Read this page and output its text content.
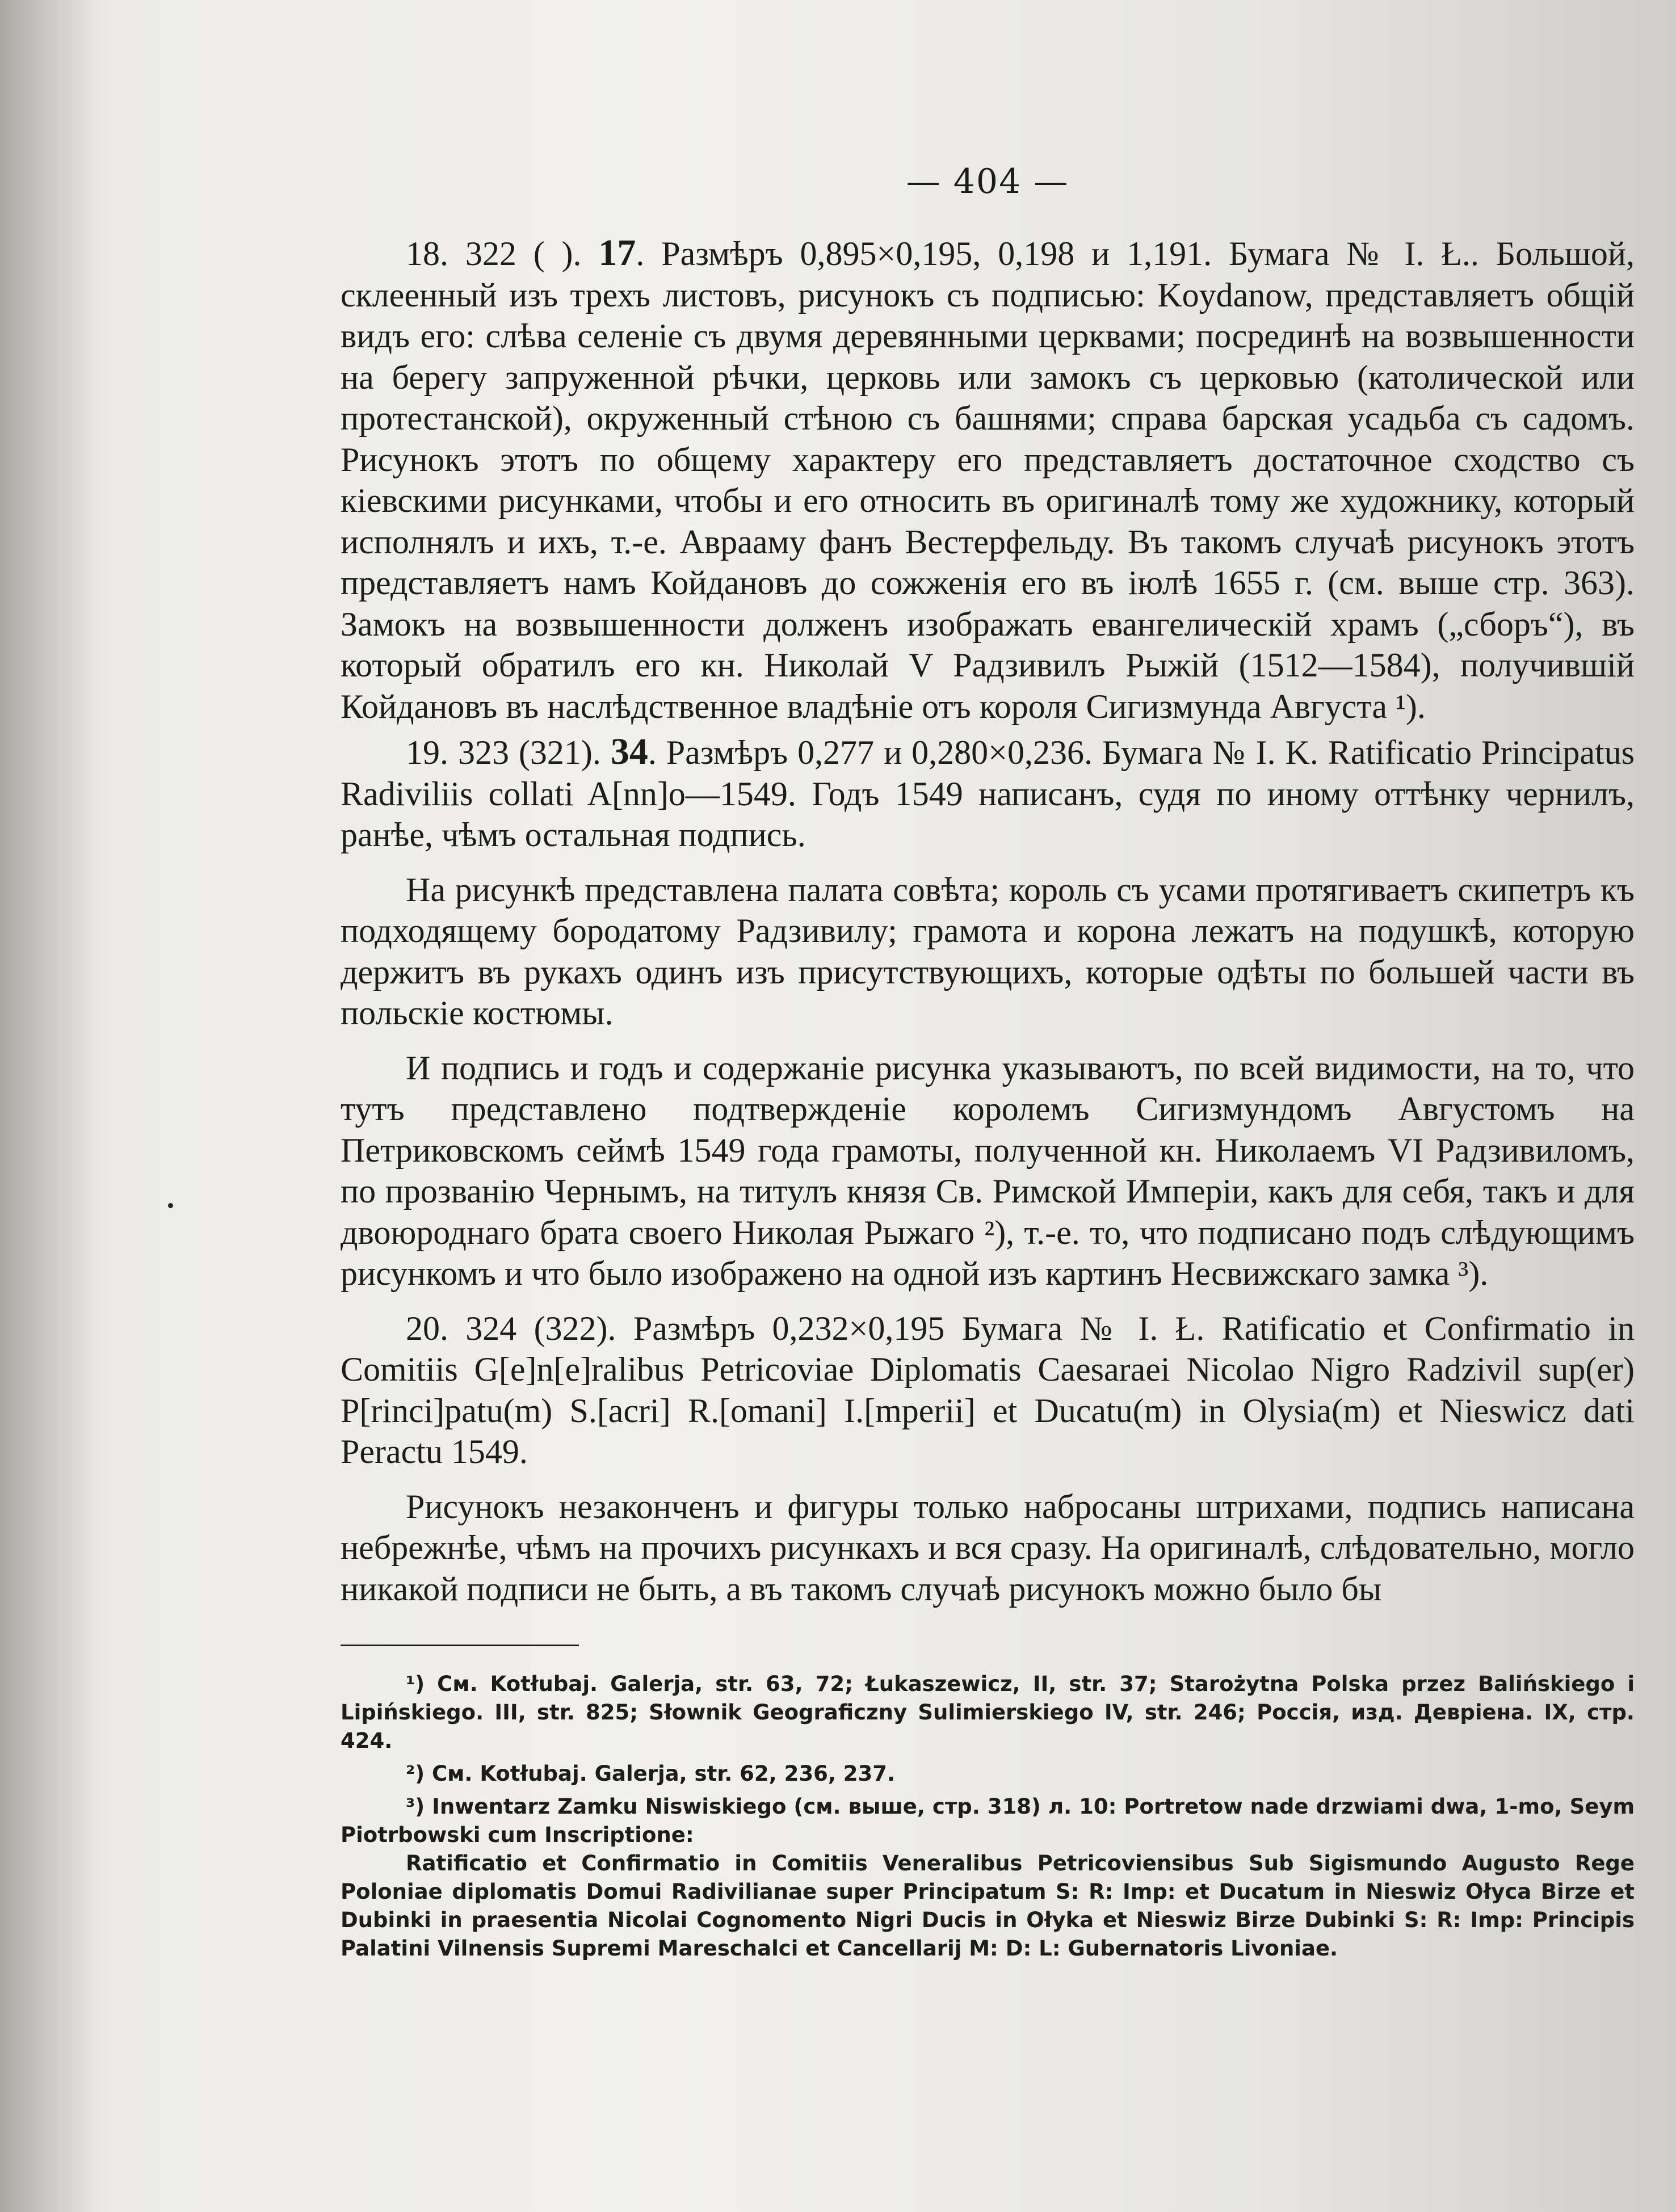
— 404 —

18. 322 ( ). 17. Размѣръ 0,895×0,195, 0,198 и 1,191. Бумага № I. Ł.. Большой, склеенный изъ трехъ листовъ, рисунокъ съ подписью: Koydanow, представляетъ общій видъ его: слѣва селеніе съ двумя деревянными церквами; посрединѣ на возвышенности на берегу запруженной рѣчки, церковь или замокъ съ церковью (католической или протестанской), окруженный стѣною съ башнями; справа барская усадьба съ садомъ. Рисунокъ этотъ по общему характеру его представляетъ достаточное сходство съ кіевскими рисунками, чтобы и его относить въ оригиналѣ тому же художнику, который исполнялъ и ихъ, т.-е. Аврааму фанъ Вестерфельду. Въ такомъ случаѣ рисунокъ этотъ представляетъ намъ Койдановъ до сожженія его въ іюлѣ 1655 г. (см. выше стр. 363). Замокъ на возвышенности долженъ изображать евангелическій храмъ („сборъ“), въ который обратилъ его кн. Николай V Радзивилъ Рыжій (1512—1584), получившій Койдановъ въ наслѣдственное владѣніе отъ короля Сигизмунда Августа ¹).

19. 323 (321). 34. Размѣръ 0,277 и 0,280×0,236. Бумага № I. K. Ratificatio Principatus Radiviliis collati A[nn]o—1549. Годъ 1549 написанъ, судя по иному оттѣнку чернилъ, ранѣе, чѣмъ остальная подпись.

На рисункѣ представлена палата совѣта; король съ усами протягиваетъ скипетръ къ подходящему бородатому Радзивилу; грамота и корона лежатъ на подушкѣ, которую держитъ въ рукахъ одинъ изъ присутствующихъ, которые одѣты по большей части въ польскіе костюмы.

И подпись и годъ и содержаніе рисунка указываютъ, по всей видимости, на то, что тутъ представлено подтвержденіе королемъ Сигизмундомъ Августомъ на Петриковскомъ сеймѣ 1549 года грамоты, полученной кн. Николаемъ VI Радзивиломъ, по прозванію Чернымъ, на титулъ князя Св. Римской Имперіи, какъ для себя, такъ и для двоюроднаго брата своего Николая Рыжаго ²), т.-е. то, что подписано подъ слѣдующимъ рисункомъ и что было изображено на одной изъ картинъ Несвижскаго замка ³).

20. 324 (322). Размѣръ 0,232×0,195 Бумага № I. Ł. Ratificatio et Confirmatio in Comitiis G[e]n[e]ralibus Petricoviae Diplomatis Caesaraei Nicolao Nigro Radzivil sup(er) P[rinci]patu(m) S.[acri] R.[omani] I.[mperii] et Ducatu(m) in Olysia(m) et Nieswicz dati Peractu 1549.

Рисунокъ незаконченъ и фигуры только набросаны штрихами, подпись написана небрежнѣе, чѣмъ на прочихъ рисункахъ и вся сразу. На оригиналѣ, слѣдовательно, могло никакой подписи не быть, а въ такомъ случаѣ рисунокъ можно было бы

¹) См. Kotłubaj. Galerja, str. 63, 72; Łukaszewicz, II, str. 37; Starożytna Polska przez Balińskiego i Lipińskiego. III, str. 825; Słownik Geograficzny Sulimierskiego IV, str. 246; Россія, изд. Девріена. IX, стр. 424.

²) См. Kotłubaj. Galerja, str. 62, 236, 237.

³) Inwentarz Zamku Niswiskiego (см. выше, стр. 318) л. 10: Portretow nade drzwiami dwa, 1-mo, Seym Piotrbowski cum Inscriptione:

Ratificatio et Confirmatio in Comitiis Veneralibus Petricoviensibus Sub Sigismundo Augusto Rege Poloniae diplomatis Domui Radivilianae super Principatum S: R: Imp: et Ducatum in Nieswiz Ołyca Birze et Dubinki in praesentia Nicolai Cognomento Nigri Ducis in Ołyka et Nieswiz Birze Dubinki S: R: Imp: Principis Palatini Vilnensis Supremi Mareschalci et Cancellarij M: D: L: Gubernatoris Livoniae.
